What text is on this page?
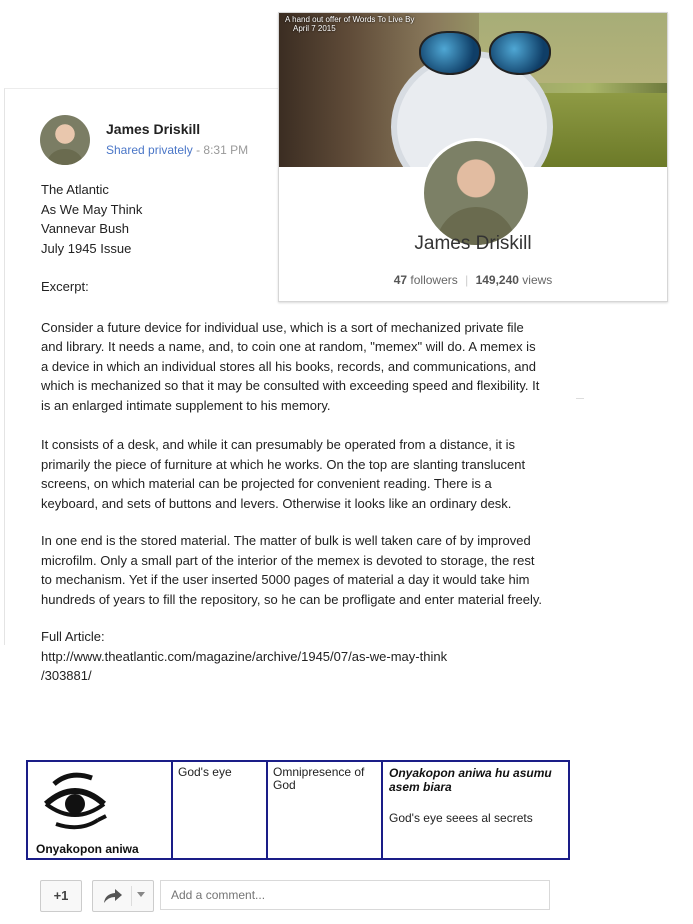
James Driskill
Shared privately - 8:31 PM

The Atlantic

As We May Think

Vannevar Bush

July 1945 Issue

Excerpt:

Consider a future device for individual use, which is a sort of mechanized private file and library. It needs a name, and, to coin one at random, "memex" will do. A memex is a device in which an individual stores all his books, records, and communications, and which is mechanized so that it may be consulted with exceeding speed and flexibility. It is an enlarged intimate supplement to his memory.

It consists of a desk, and while it can presumably be operated from a distance, it is primarily the piece of furniture at which he works. On the top are slanting translucent screens, on which material can be projected for convenient reading. There is a keyboard, and sets of buttons and levers. Otherwise it looks like an ordinary desk.

In one end is the stored material. The matter of bulk is well taken care of by improved microfilm. Only a small part of the interior of the memex is devoted to storage, the rest to mechanism. Yet if the user inserted 5000 pages of material a day it would take him hundreds of years to fill the repository, so he can be profligate and enter material freely.

Full Article:

http://www.theatlantic.com/magazine/archive/1945/07/as-we-may-think

/303881/

A hand out offer of Words To Live By
April 7 2015
James Driskill
47 followers | 149,240 views
Onyakopon aniwa
God's eye	Omnipresence of God
Onyakopon aniwa hu asumu asem biara
God's eye seees al secrets
+1
Add a comment...
